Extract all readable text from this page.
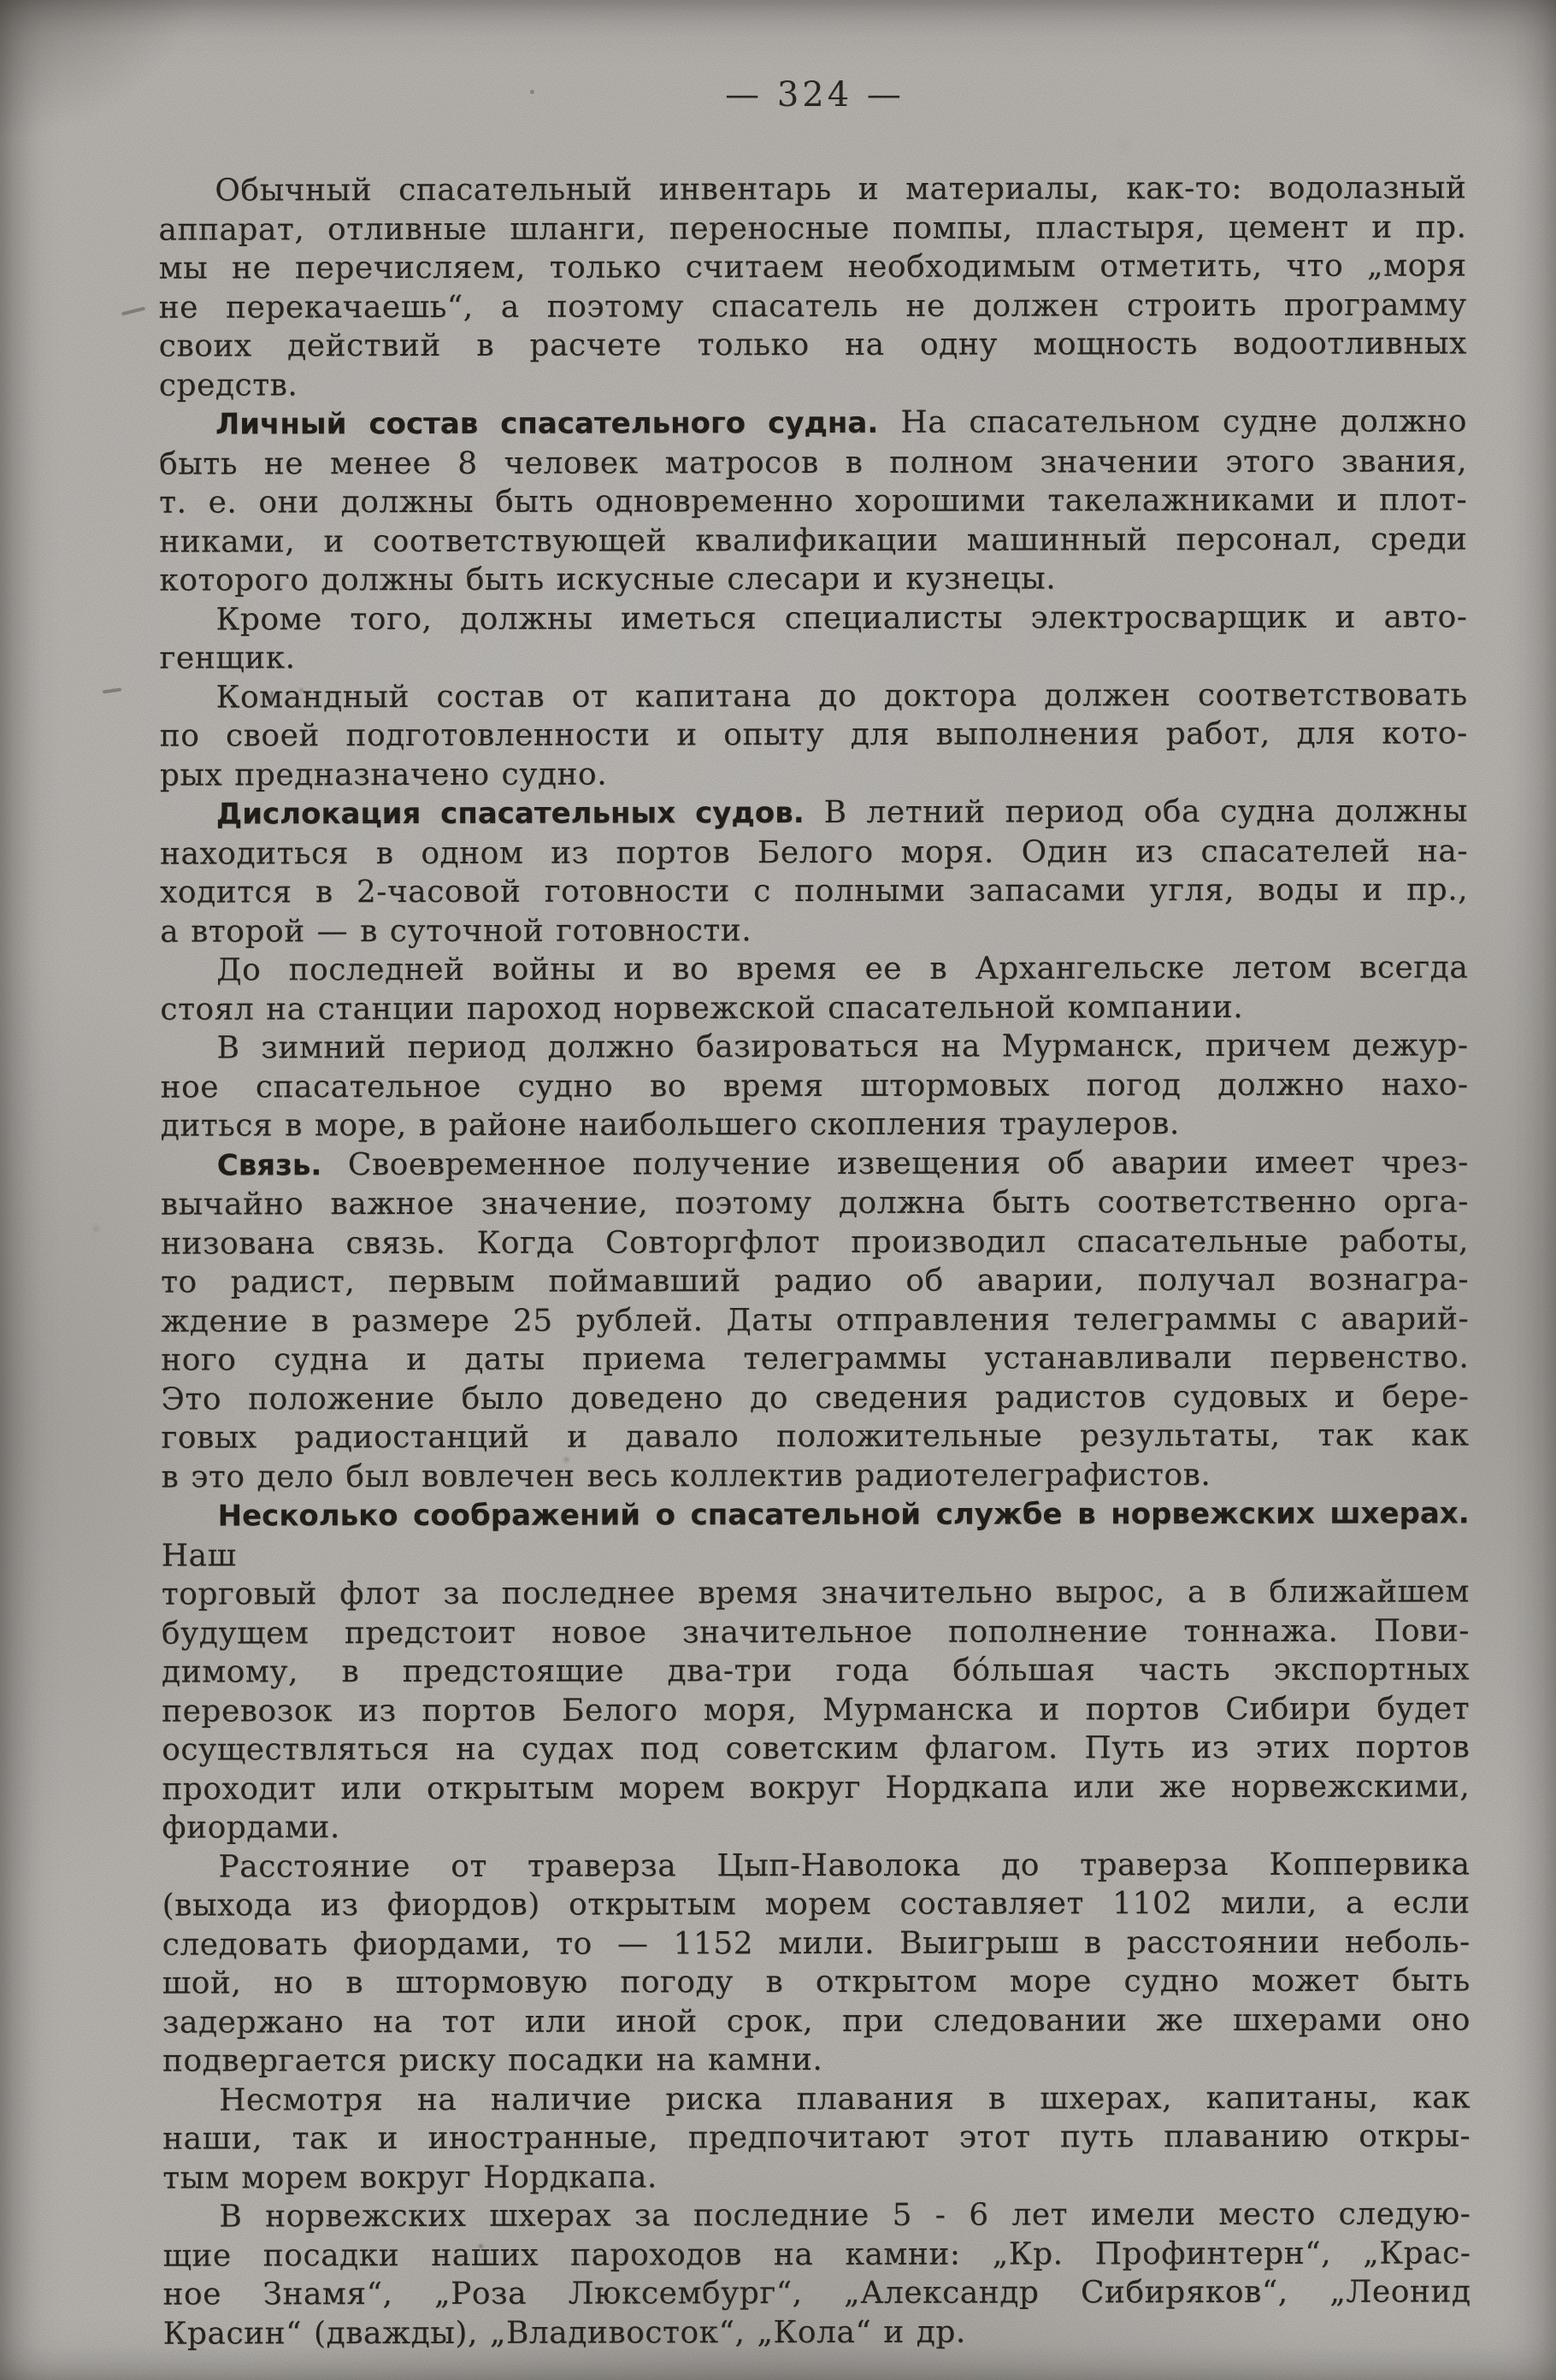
— 324 —
Обычный спасательный инвентарь и материалы, как-то: водолазный
аппарат, отливные шланги, переносные помпы, пластыря, цемент и пр.
мы не перечисляем, только считаем необходимым отметить, что „моря
не перекачаешь“, а поэтому спасатель не должен строить программу
своих действий в расчете только на одну мощность водоотливных
средств.
Личный состав спасательного судна. На спасательном судне должно
быть не менее 8 человек матросов в полном значении этого звания,
т. е. они должны быть одновременно хорошими такелажниками и плот-
никами, и соответствующей квалификации машинный персонал, среди
которого должны быть искусные слесари и кузнецы.
Кроме того, должны иметься специалисты электросварщик и авто-
генщик.
Командный состав от капитана до доктора должен соответствовать
по своей подготовленности и опыту для выполнения работ, для кото-
рых предназначено судно.
Дислокация спасательных судов. В летний период оба судна должны
находиться в одном из портов Белого моря. Один из спасателей на-
ходится в 2-часовой готовности с полными запасами угля, воды и пр.,
а второй — в суточной готовности.
До последней войны и во время ее в Архангельске летом всегда
стоял на станции пароход норвежской спасательной компании.
В зимний период должно базироваться на Мурманск, причем дежур-
ное спасательное судно во время штормовых погод должно нахо-
диться в море, в районе наибольшего скопления траулеров.
Связь. Своевременное получение извещения об аварии имеет чрез-
вычайно важное значение, поэтому должна быть соответственно орга-
низована связь. Когда Совторгфлот производил спасательные работы,
то радист, первым поймавший радио об аварии, получал вознагра-
ждение в размере 25 рублей. Даты отправления телеграммы с аварий-
ного судна и даты приема телеграммы устанавливали первенство.
Это положение было доведено до сведения радистов судовых и бере-
говых радиостанций и давало положительные результаты, так как
в это дело был вовлечен весь коллектив радиотелеграфистов.
Несколько соображений о спасательной службе в норвежских шхерах. Наш
торговый флот за последнее время значительно вырос, а в ближайшем
будущем предстоит новое значительное пополнение тоннажа. Пови-
димому, в предстоящие два-три года бо́льшая часть экспортных
перевозок из портов Белого моря, Мурманска и портов Сибири будет
осуществляться на судах под советским флагом. Путь из этих портов
проходит или открытым морем вокруг Нордкапа или же норвежскими,
фиордами.
Расстояние от траверза Цып-Наволока до траверза Коппервика
(выхода из фиордов) открытым морем составляет 1102 мили, а если
следовать фиордами, то — 1152 мили. Выигрыш в расстоянии неболь-
шой, но в штормовую погоду в открытом море судно может быть
задержано на тот или иной срок, при следовании же шхерами оно
подвергается риску посадки на камни.
Несмотря на наличие риска плавания в шхерах, капитаны, как
наши, так и иностранные, предпочитают этот путь плаванию откры-
тым морем вокруг Нордкапа.
В норвежских шхерах за последние 5 - 6 лет имели место следую-
щие посадки наших пароходов на камни: „Кр. Профинтерн“, „Крас-
ное Знамя“, „Роза Люксембург“, „Александр Сибиряков“, „Леонид
Красин“ (дважды), „Владивосток“, „Кола“ и др.
